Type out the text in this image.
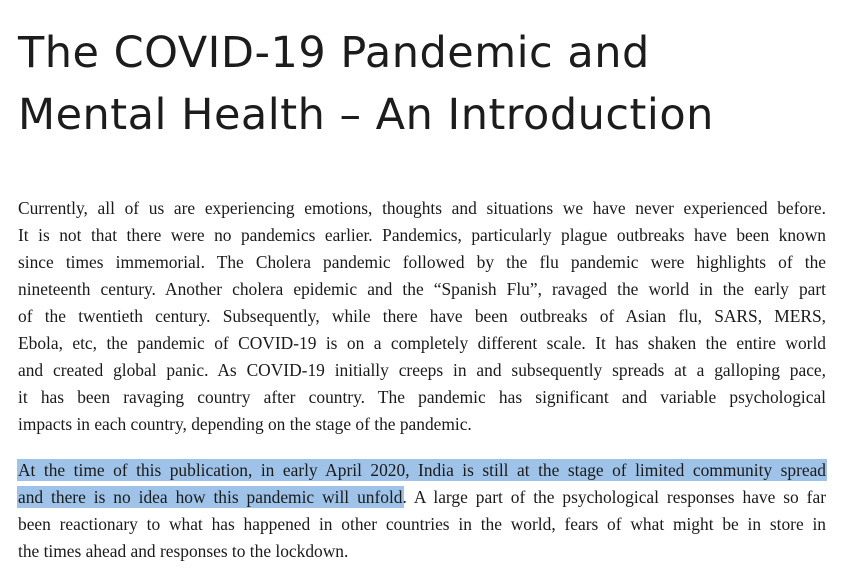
The COVID-19 Pandemic and
Mental Health – An Introduction
Currently, all of us are experiencing emotions, thoughts and situations we have never experienced before.
It is not that there were no pandemics earlier. Pandemics, particularly plague outbreaks have been known
since times immemorial. The Cholera pandemic followed by the flu pandemic were highlights of the
nineteenth century. Another cholera epidemic and the “Spanish Flu”, ravaged the world in the early part
of the twentieth century. Subsequently, while there have been outbreaks of Asian flu, SARS, MERS,
Ebola, etc, the pandemic of COVID-19 is on a completely different scale. It has shaken the entire world
and created global panic. As COVID-19 initially creeps in and subsequently spreads at a galloping pace,
it has been ravaging country after country. The pandemic has significant and variable psychological
impacts in each country, depending on the stage of the pandemic.
At the time of this publication, in early April 2020, India is still at the stage of limited community spread
and there is no idea how this pandemic will unfold. A large part of the psychological responses have so far
been reactionary to what has happened in other countries in the world, fears of what might be in store in
the times ahead and responses to the lockdown.
